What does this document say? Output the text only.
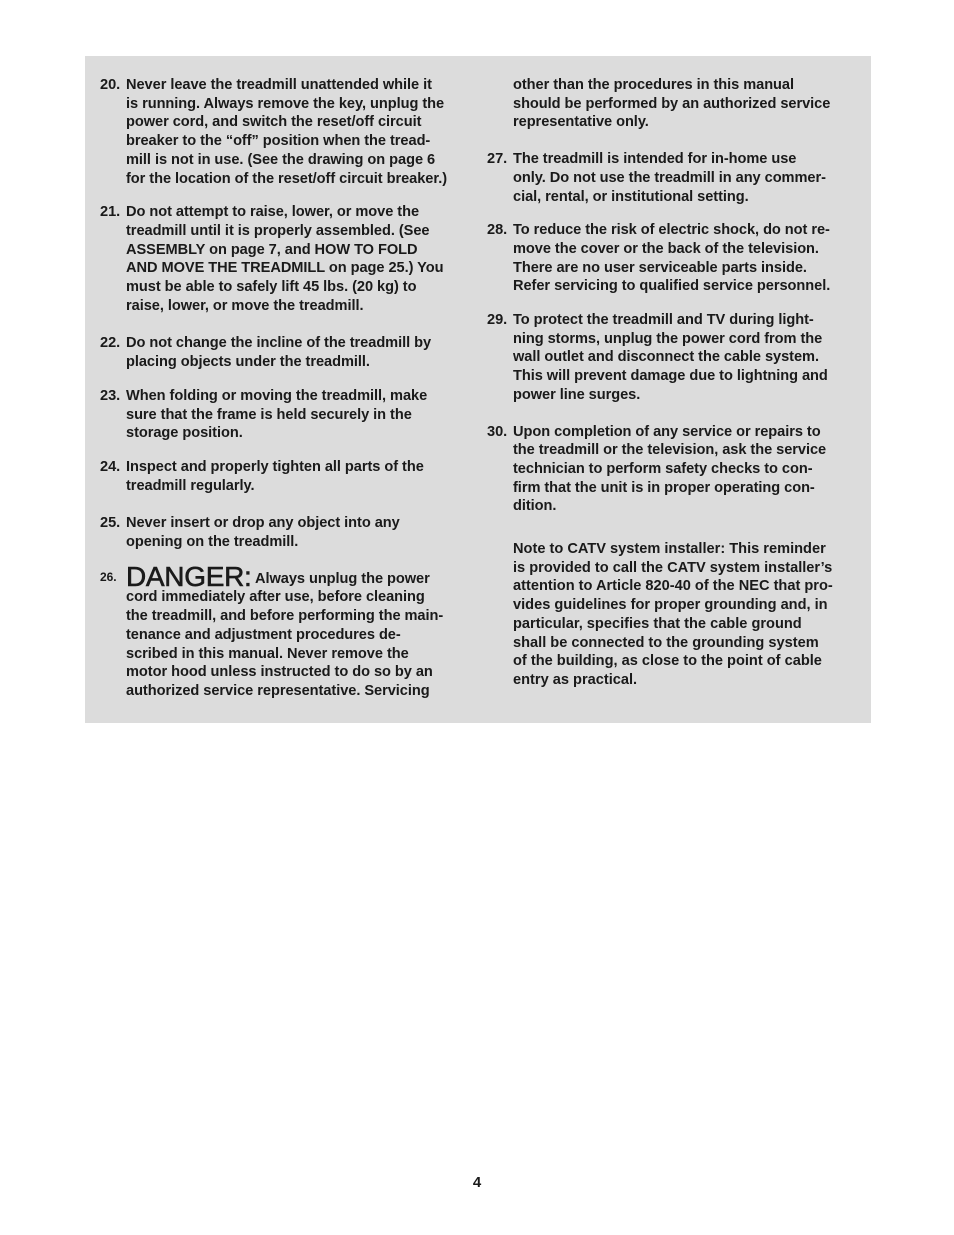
20. Never leave the treadmill unattended while it
is running. Always remove the key, unplug the
power cord, and switch the reset/off circuit
breaker to the “off” position when the tread-
mill is not in use. (See the drawing on page 6
for the location of the reset/off circuit breaker.)
21. Do not attempt to raise, lower, or move the
treadmill until it is properly assembled. (See
ASSEMBLY on page 7, and HOW TO FOLD
AND MOVE THE TREADMILL on page 25.) You
must be able to safely lift 45 lbs. (20 kg) to
raise, lower, or move the treadmill.
22. Do not change the incline of the treadmill by
placing objects under the treadmill.
23. When folding or moving the treadmill, make
sure that the frame is held securely in the
storage position.
24. Inspect and properly tighten all parts of the
treadmill regularly.
25. Never insert or drop any object into any
opening on the treadmill.
$_{26.}$ DANGER: Always unplug the power
cord immediately after use, before cleaning
the treadmill, and before performing the main-
tenance and adjustment procedures de-
scribed in this manual. Never remove the
motor hood unless instructed to do so by an
authorized service representative. Servicing
other than the procedures in this manual
should be performed by an authorized service
representative only.
27. The treadmill is intended for in-home use
only. Do not use the treadmill in any commer-
cial, rental, or institutional setting.
28. To reduce the risk of electric shock, do not re-
move the cover or the back of the television.
There are no user serviceable parts inside.
Refer servicing to qualified service personnel.
29. To protect the treadmill and TV during light-
ning storms, unplug the power cord from the
wall outlet and disconnect the cable system.
This will prevent damage due to lightning and
power line surges.
30. Upon completion of any service or repairs to
the treadmill or the television, ask the service
technician to perform safety checks to con-
firm that the unit is in proper operating con-
dition.
Note to CATV system installer: This reminder
is provided to call the CATV system installer’s
attention to Article 820-40 of the NEC that pro-
vides guidelines for proper grounding and, in
particular, specifies that the cable ground
shall be connected to the grounding system
of the building, as close to the point of cable
entry as practical.
4
